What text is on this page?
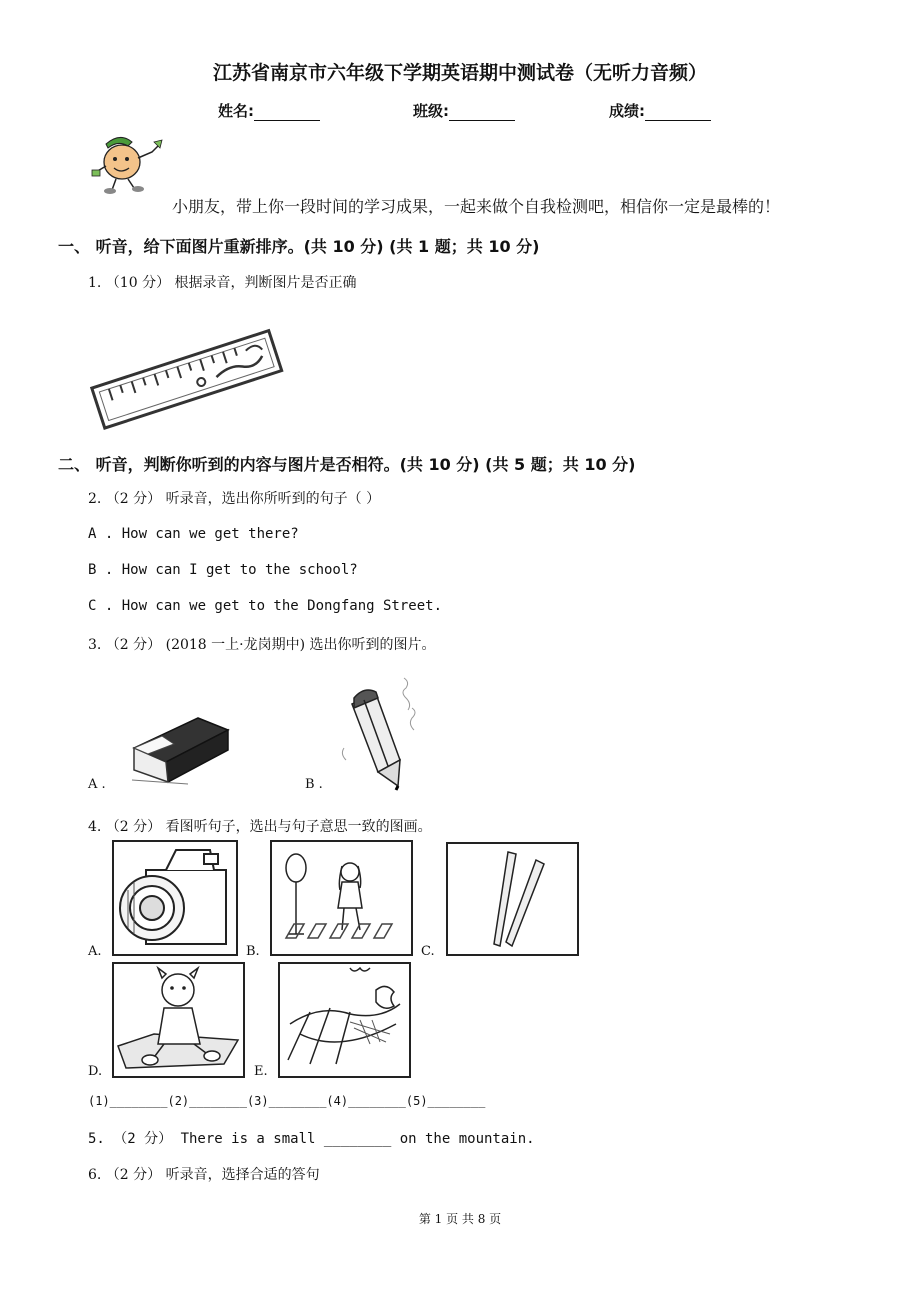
江苏省南京市六年级下学期英语期中测试卷（无听力音频）
姓名:	班级:	成绩:
小朋友，带上你一段时间的学习成果，一起来做个自我检测吧，相信你一定是最棒的！
一、 听音，给下面图片重新排序。(共 10 分) (共 1 题；共 10 分)
1. （10 分） 根据录音，判断图片是否正确
二、 听音，判断你听到的内容与图片是否相符。(共 10 分) (共 5 题；共 10 分)
2. （2 分） 听录音，选出你所听到的句子（ ）
A . How can we get there?
B . How can I get to the school?
C . How can we get to the Dongfang Street.
3. （2 分） (2018 一上·龙岗期中) 选出你听到的图片。
A .	B .
4. （2 分） 看图听句子，选出与句子意思一致的图画。
A.	B.	C.
D.	E.
(1)________(2)________(3)________(4)________(5)________
5. （2 分） There is a small ________ on the mountain.
6. （2 分） 听录音，选择合适的答句
第 1 页 共 8 页
